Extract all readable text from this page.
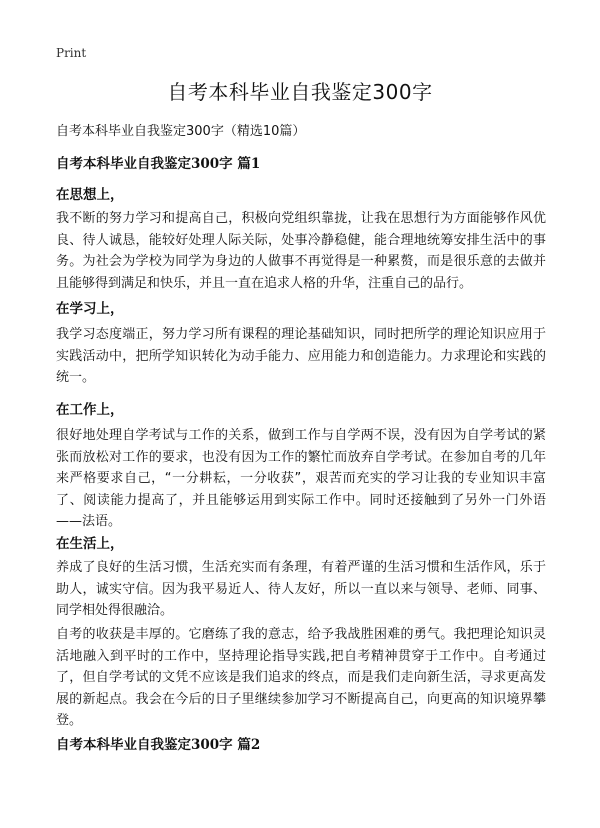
Print
自考本科毕业自我鉴定300字
自考本科毕业自我鉴定300字（精选10篇）
自考本科毕业自我鉴定300字 篇1
在思想上，
我不断的努力学习和提高自己，积极向党组织靠拢，让我在思想行为方面能够作风优良、待人诚恳，能较好处理人际关际，处事冷静稳健，能合理地统筹安排生活中的事务。为社会为学校为同学为身边的人做事不再觉得是一种累赘，而是很乐意的去做并且能够得到满足和快乐，并且一直在追求人格的升华，注重自己的品行。
在学习上，
我学习态度端正，努力学习所有课程的理论基础知识，同时把所学的理论知识应用于实践活动中，把所学知识转化为动手能力、应用能力和创造能力。力求理论和实践的统一。
在工作上，
很好地处理自学考试与工作的关系，做到工作与自学两不误，没有因为自学考试的紧张而放松对工作的要求，也没有因为工作的繁忙而放弃自学考试。在参加自考的几年来严格要求自己，“一分耕耘，一分收获”，艰苦而充实的学习让我的专业知识丰富了、阅读能力提高了，并且能够运用到实际工作中。同时还接触到了另外一门外语——法语。
在生活上，
养成了良好的生活习惯，生活充实而有条理，有着严谨的生活习惯和生活作风，乐于助人，诚实守信。因为我平易近人、待人友好，所以一直以来与领导、老师、同事、同学相处得很融洽。
自考的收获是丰厚的。它磨练了我的意志，给予我战胜困难的勇气。我把理论知识灵活地融入到平时的工作中，坚持理论指导实践,把自考精神贯穿于工作中。自考通过了，但自学考试的文凭不应该是我们追求的终点，而是我们走向新生活，寻求更高发展的新起点。我会在今后的日子里继续参加学习不断提高自己，向更高的知识境界攀登。
自考本科毕业自我鉴定300字 篇2
